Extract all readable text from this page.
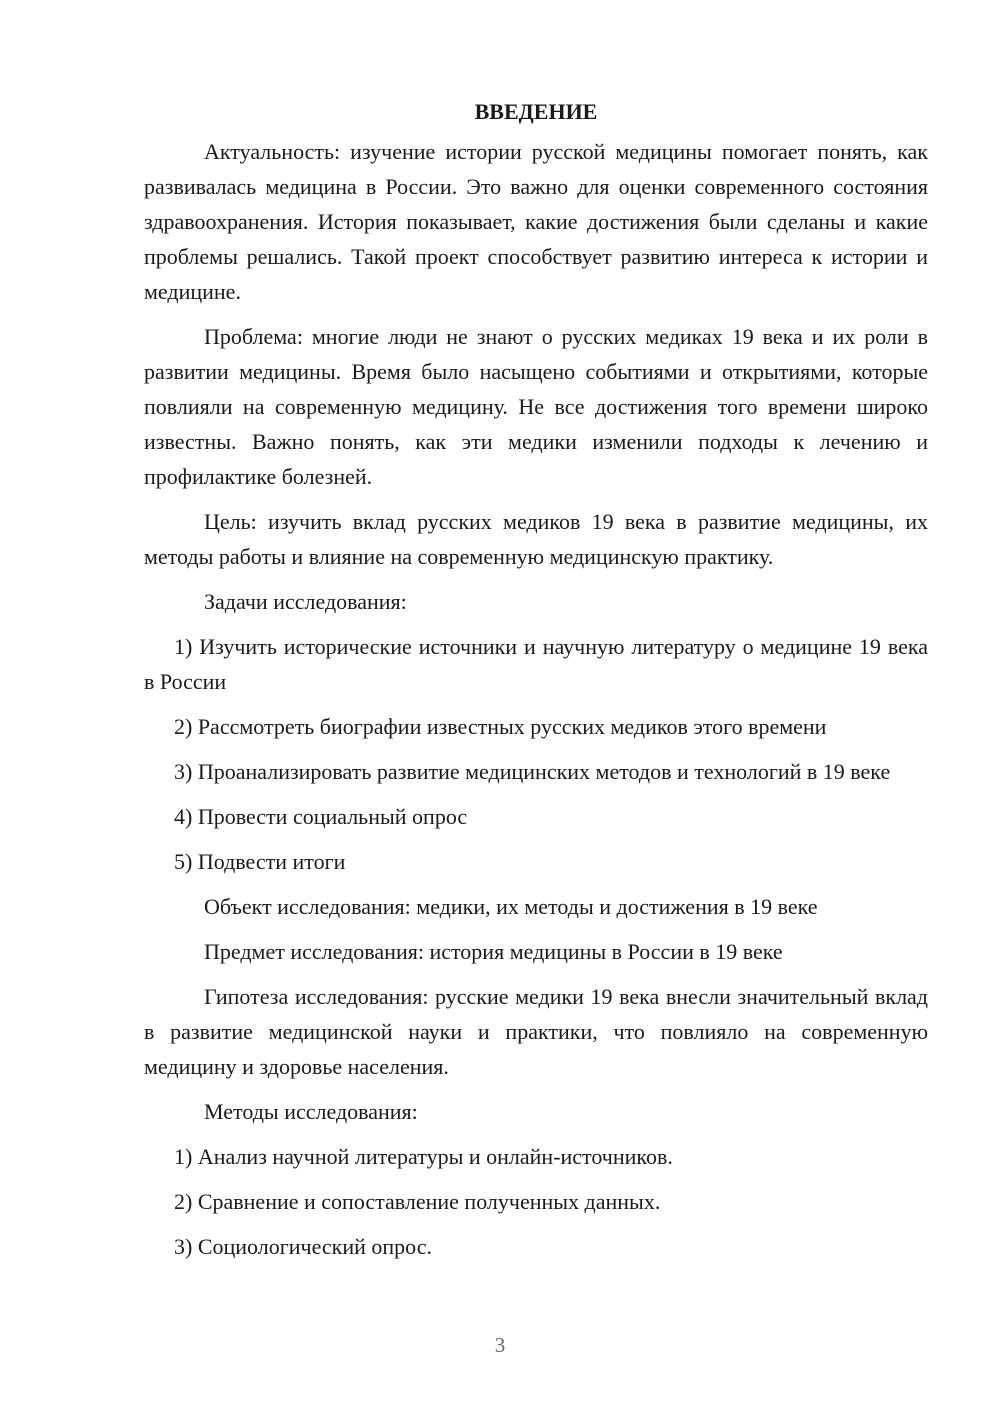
ВВЕДЕНИЕ

Актуальность: изучение истории русской медицины помогает понять, как развивалась медицина в России. Это важно для оценки современного состояния здравоохранения. История показывает, какие достижения были сделаны и какие проблемы решались. Такой проект способствует развитию интереса к истории и медицине.

Проблема: многие люди не знают о русских медиках 19 века и их роли в развитии медицины. Время было насыщено событиями и открытиями, которые повлияли на современную медицину. Не все достижения того времени широко известны. Важно понять, как эти медики изменили подходы к лечению и профилактике болезней.

Цель: изучить вклад русских медиков 19 века в развитие медицины, их методы работы и влияние на современную медицинскую практику.

Задачи исследования:

1) Изучить исторические источники и научную литературу о медицине 19 века в России

2) Рассмотреть биографии известных русских медиков этого времени

3) Проанализировать развитие медицинских методов и технологий в 19 веке

4) Провести социальный опрос

5) Подвести итоги

Объект исследования: медики, их методы и достижения в 19 веке

Предмет исследования: история медицины в России в 19 веке

Гипотеза исследования: русские медики 19 века внесли значительный вклад в развитие медицинской науки и практики, что повлияло на современную медицину и здоровье населения.

Методы исследования:

1) Анализ научной литературы и онлайн-источников.

2) Сравнение и сопоставление полученных данных.

3) Социологический опрос.

3
